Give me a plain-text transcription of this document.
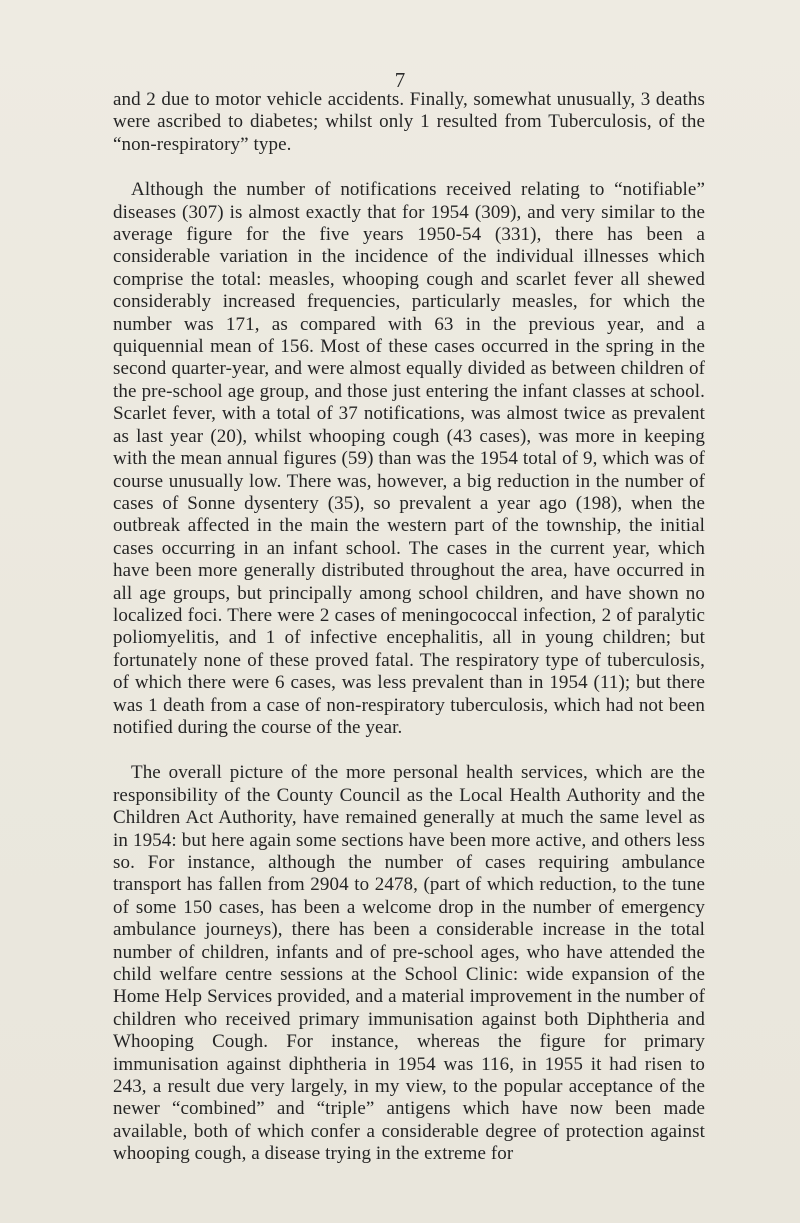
7

and 2 due to motor vehicle accidents. Finally, somewhat unusually, 3 deaths were ascribed to diabetes; whilst only 1 resulted from Tuberculosis, of the “non-respiratory” type.

Although the number of notifications received relating to “notifiable” diseases (307) is almost exactly that for 1954 (309), and very similar to the average figure for the five years 1950-54 (331), there has been a considerable variation in the incidence of the individual illnesses which comprise the total: measles, whooping cough and scarlet fever all shewed considerably increased frequencies, particularly measles, for which the number was 171, as compared with 63 in the previous year, and a quiquennial mean of 156. Most of these cases occurred in the spring in the second quarter-year, and were almost equally divided as between children of the pre-school age group, and those just entering the infant classes at school. Scarlet fever, with a total of 37 notifications, was almost twice as prevalent as last year (20), whilst whooping cough (43 cases), was more in keeping with the mean annual figures (59) than was the 1954 total of 9, which was of course unusually low. There was, however, a big reduction in the number of cases of Sonne dysentery (35), so prevalent a year ago (198), when the outbreak affected in the main the western part of the township, the initial cases occurring in an infant school. The cases in the current year, which have been more generally distributed throughout the area, have occurred in all age groups, but principally among school children, and have shown no localized foci. There were 2 cases of meningococcal infection, 2 of paralytic poliomyelitis, and 1 of infective encephalitis, all in young children; but fortunately none of these proved fatal. The respiratory type of tuberculosis, of which there were 6 cases, was less prevalent than in 1954 (11); but there was 1 death from a case of non-respiratory tuberculosis, which had not been notified during the course of the year.

The overall picture of the more personal health services, which are the responsibility of the County Council as the Local Health Authority and the Children Act Authority, have remained generally at much the same level as in 1954: but here again some sections have been more active, and others less so. For instance, although the number of cases requiring ambulance transport has fallen from 2904 to 2478, (part of which reduction, to the tune of some 150 cases, has been a welcome drop in the number of emergency ambulance journeys), there has been a considerable increase in the total number of children, infants and of pre-school ages, who have attended the child welfare centre sessions at the School Clinic: wide expansion of the Home Help Services provided, and a material improvement in the number of children who received primary immunisation against both Diphtheria and Whooping Cough. For instance, whereas the figure for primary immunisation against diphtheria in 1954 was 116, in 1955 it had risen to 243, a result due very largely, in my view, to the popular acceptance of the newer “combined” and “triple” antigens which have now been made available, both of which confer a considerable degree of protection against whooping cough, a disease trying in the extreme for
